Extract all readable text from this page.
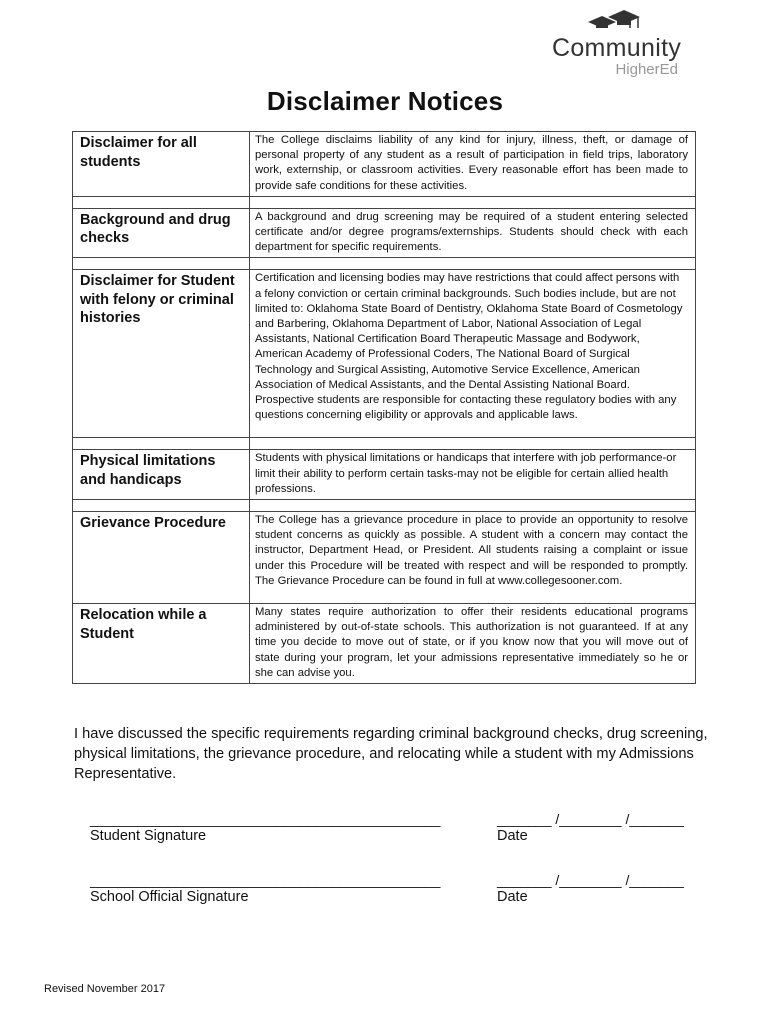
Community
HigherEd
Disclaimer Notices
Disclaimer for all students	The College disclaims liability of any kind for injury, illness, theft, or damage of personal property of any student as a result of participation in field trips, laboratory work, externship, or classroom activities. Every reasonable effort has been made to provide safe conditions for these activities.

Background and drug checks	A background and drug screening may be required of a student entering selected certificate and/or degree programs/externships. Students should check with each department for specific requirements.

Disclaimer for Student with felony or criminal histories	Certification and licensing bodies may have restrictions that could affect persons with a felony conviction or certain criminal backgrounds. Such bodies include, but are not limited to: Oklahoma State Board of Dentistry, Oklahoma State Board of Cosmetology and Barbering, Oklahoma Department of Labor, National Association of Legal Assistants, National Certification Board Therapeutic Massage and Bodywork, American Academy of Professional Coders, The National Board of Surgical Technology and Surgical Assisting, Automotive Service Excellence, American Association of Medical Assistants, and the Dental Assisting National Board. Prospective students are responsible for contacting these regulatory bodies with any questions concerning eligibility or approvals and applicable laws.

Physical limitations and handicaps	Students with physical limitations or handicaps that interfere with job performance-or limit their ability to perform certain tasks-may not be eligible for certain allied health professions.

Grievance Procedure	The College has a grievance procedure in place to provide an opportunity to resolve student concerns as quickly as possible. A student with a concern may contact the instructor, Department Head, or President. All students raising a complaint or issue under this Procedure will be treated with respect and will be responded to promptly. The Grievance Procedure can be found in full at www.collegesooner.com.
Relocation while a Student	Many states require authorization to offer their residents educational programs administered by out-of-state schools. This authorization is not guaranteed. If at any time you decide to move out of state, or if you know now that you will move out of state during your program, let your admissions representative immediately so he or she can advise you.
I have discussed the specific requirements regarding criminal background checks, drug screening, physical limitations, the grievance procedure, and relocating while a student with my Admissions Representative.
_____________________________________________	_______ /________ /_______
Student Signature	Date
_____________________________________________	_______ /________ /_______
School Official Signature	Date
Revised November 2017
